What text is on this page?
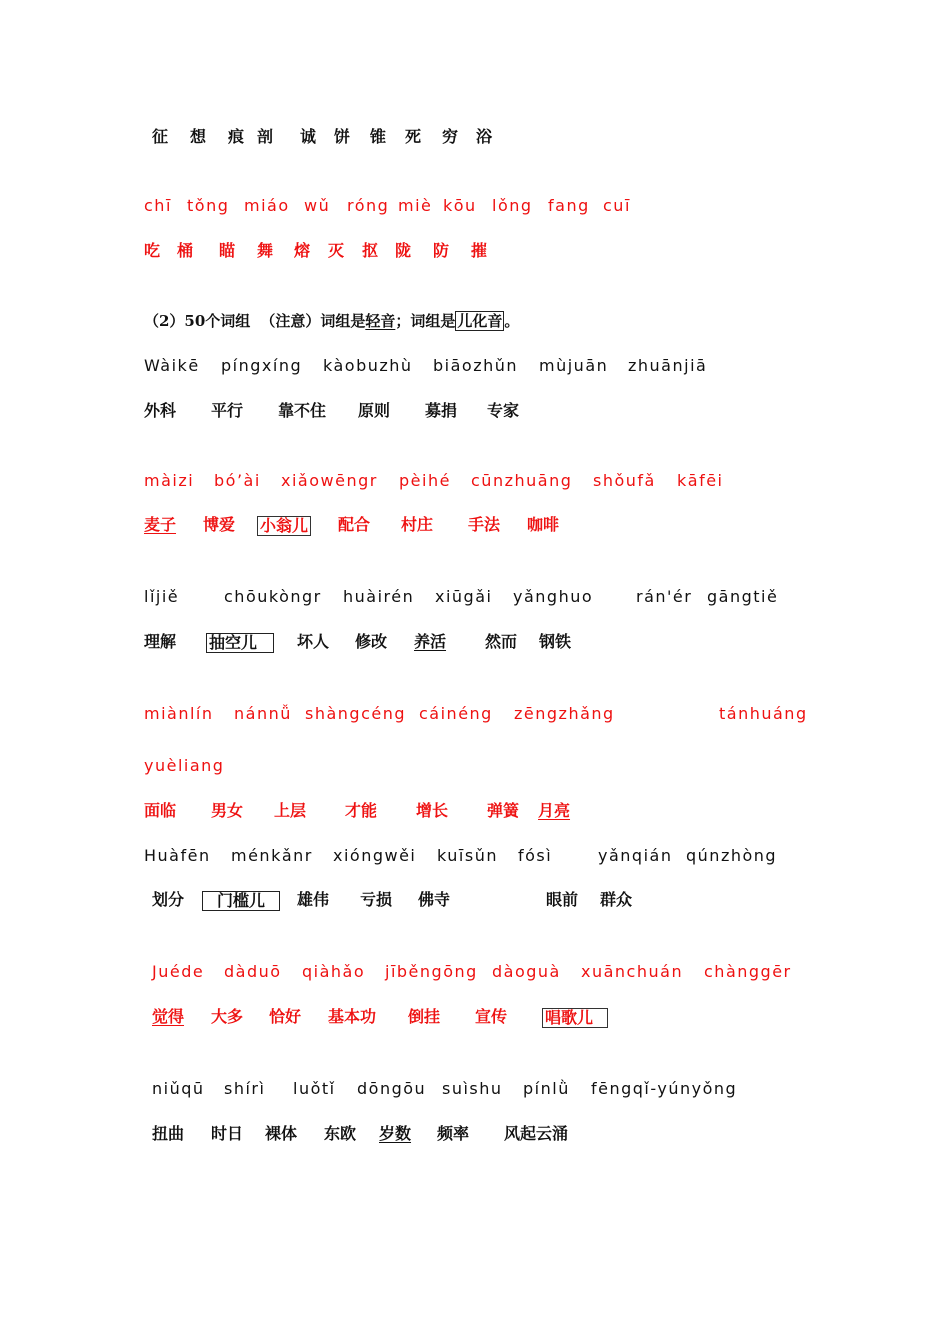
征 想 痕 剖 诚 饼 锥 死 穷 浴
chī tǒng miáo wǔ róng miè kōu lǒng fang cuī
吃 桶 瞄 舞 熔 灭 抠 陇 防 摧
（2）50个词组 （注意）词组是轻音；词组是 儿化音 。
Wàikē píngxíng kàobuzhù biāozhǔn mùjuān zhuānjiā
外科 平行 靠不住 原则 募捐 专家
màizi bó’ài xiǎowēngr pèihé cūnzhuāng shǒufǎ kāfēi
麦子 博爱 小翁儿 配合 村庄 手法 咖啡
lǐjiě	chōukòngr huàirén xiūgǎi yǎnghuo	rán'ér gāngtiě
理解 抽空儿	坏人 修改 养活 然而 钢铁
miànlín nánnǚ shàngcéng cáinéng zēngzhǎng	tánhuáng
yuèliang
面临 男女 上层 才能 增长 弹簧 月亮
Huàfēn ménkǎnr xióngwěi kuīsǔn fósì	yǎnqián qúnzhòng
划分	门槛儿	雄伟 亏损 佛寺	眼前 群众
Juéde dàduō qiàhǎo jīběngōng dàoguà xuānchuán chànggēr
觉得	大多 恰好 基本功 倒挂 宣传 唱歌儿
niǔqū shírì luǒtǐ dōngōu suìshu pínlǜ fēngqǐ-yúnyǒng
扭曲 时日 裸体 东欧 岁数	频率 风起云涌
